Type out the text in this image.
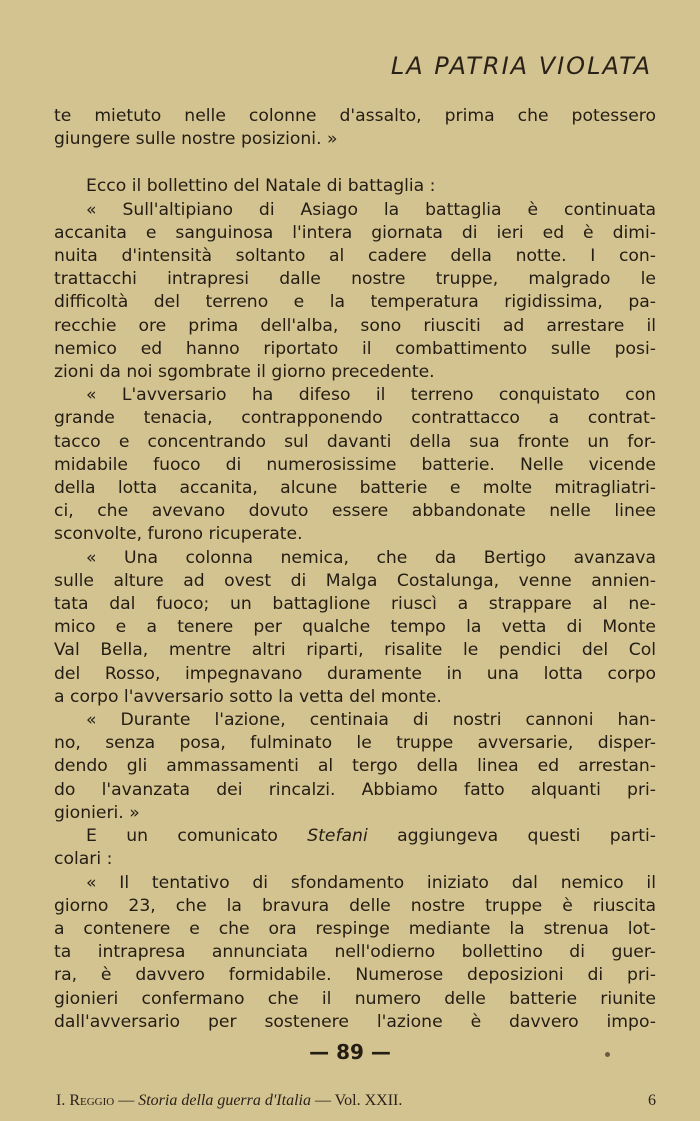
LA PATRIA VIOLATA
te mietuto nelle colonne d'assalto, prima che potessero
giungere sulle nostre posizioni. »
Ecco il bollettino del Natale di battaglia :
« Sull'altipiano di Asiago la battaglia è continuata
accanita e sanguinosa l'intera giornata di ieri ed è dimi-
nuita d'intensità soltanto al cadere della notte. I con-
trattacchi intrapresi dalle nostre truppe, malgrado le
difficoltà del terreno e la temperatura rigidissima, pa-
recchie ore prima dell'alba, sono riusciti ad arrestare il
nemico ed hanno riportato il combattimento sulle posi-
zioni da noi sgombrate il giorno precedente.
« L'avversario ha difeso il terreno conquistato con
grande tenacia, contrapponendo contrattacco a contrat-
tacco e concentrando sul davanti della sua fronte un for-
midabile fuoco di numerosissime batterie. Nelle vicende
della lotta accanita, alcune batterie e molte mitragliatri-
ci, che avevano dovuto essere abbandonate nelle linee
sconvolte, furono ricuperate.
« Una colonna nemica, che da Bertigo avanzava
sulle alture ad ovest di Malga Costalunga, venne annien-
tata dal fuoco; un battaglione riuscì a strappare al ne-
mico e a tenere per qualche tempo la vetta di Monte
Val Bella, mentre altri riparti, risalite le pendici del Col
del Rosso, impegnavano duramente in una lotta corpo
a corpo l'avversario sotto la vetta del monte.
« Durante l'azione, centinaia di nostri cannoni han-
no, senza posa, fulminato le truppe avversarie, disper-
dendo gli ammassamenti al tergo della linea ed arrestan-
do l'avanzata dei rincalzi. Abbiamo fatto alquanti pri-
gionieri. »
E un comunicato Stefani aggiungeva questi parti-
colari :
« Il tentativo di sfondamento iniziato dal nemico il
giorno 23, che la bravura delle nostre truppe è riuscita
a contenere e che ora respinge mediante la strenua lot-
ta intrapresa annunciata nell'odierno bollettino di guer-
ra, è davvero formidabile. Numerose deposizioni di pri-
gionieri confermano che il numero delle batterie riunite
dall'avversario per sostenere l'azione è davvero impo-
— 89 —
I. Reggio — Storia della guerra d'Italia — Vol. XXII.	6
